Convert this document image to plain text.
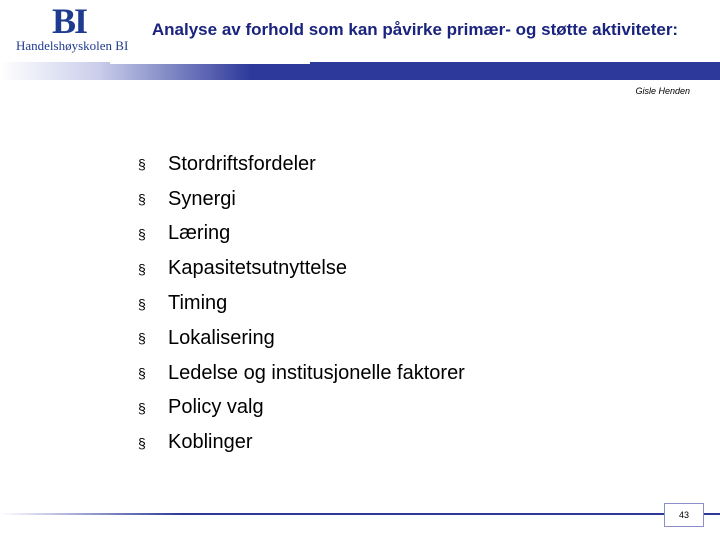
BI
Handelshøyskolen BI
Analyse av forhold som kan påvirke primær- og støtte aktiviteter:
Gisle Henden
§	Stordriftsfordeler
§	Synergi
§	Læring
§	Kapasitetsutnyttelse
§	Timing
§	Lokalisering
§	Ledelse og institusjonelle faktorer
§	Policy valg
§	Koblinger
43
